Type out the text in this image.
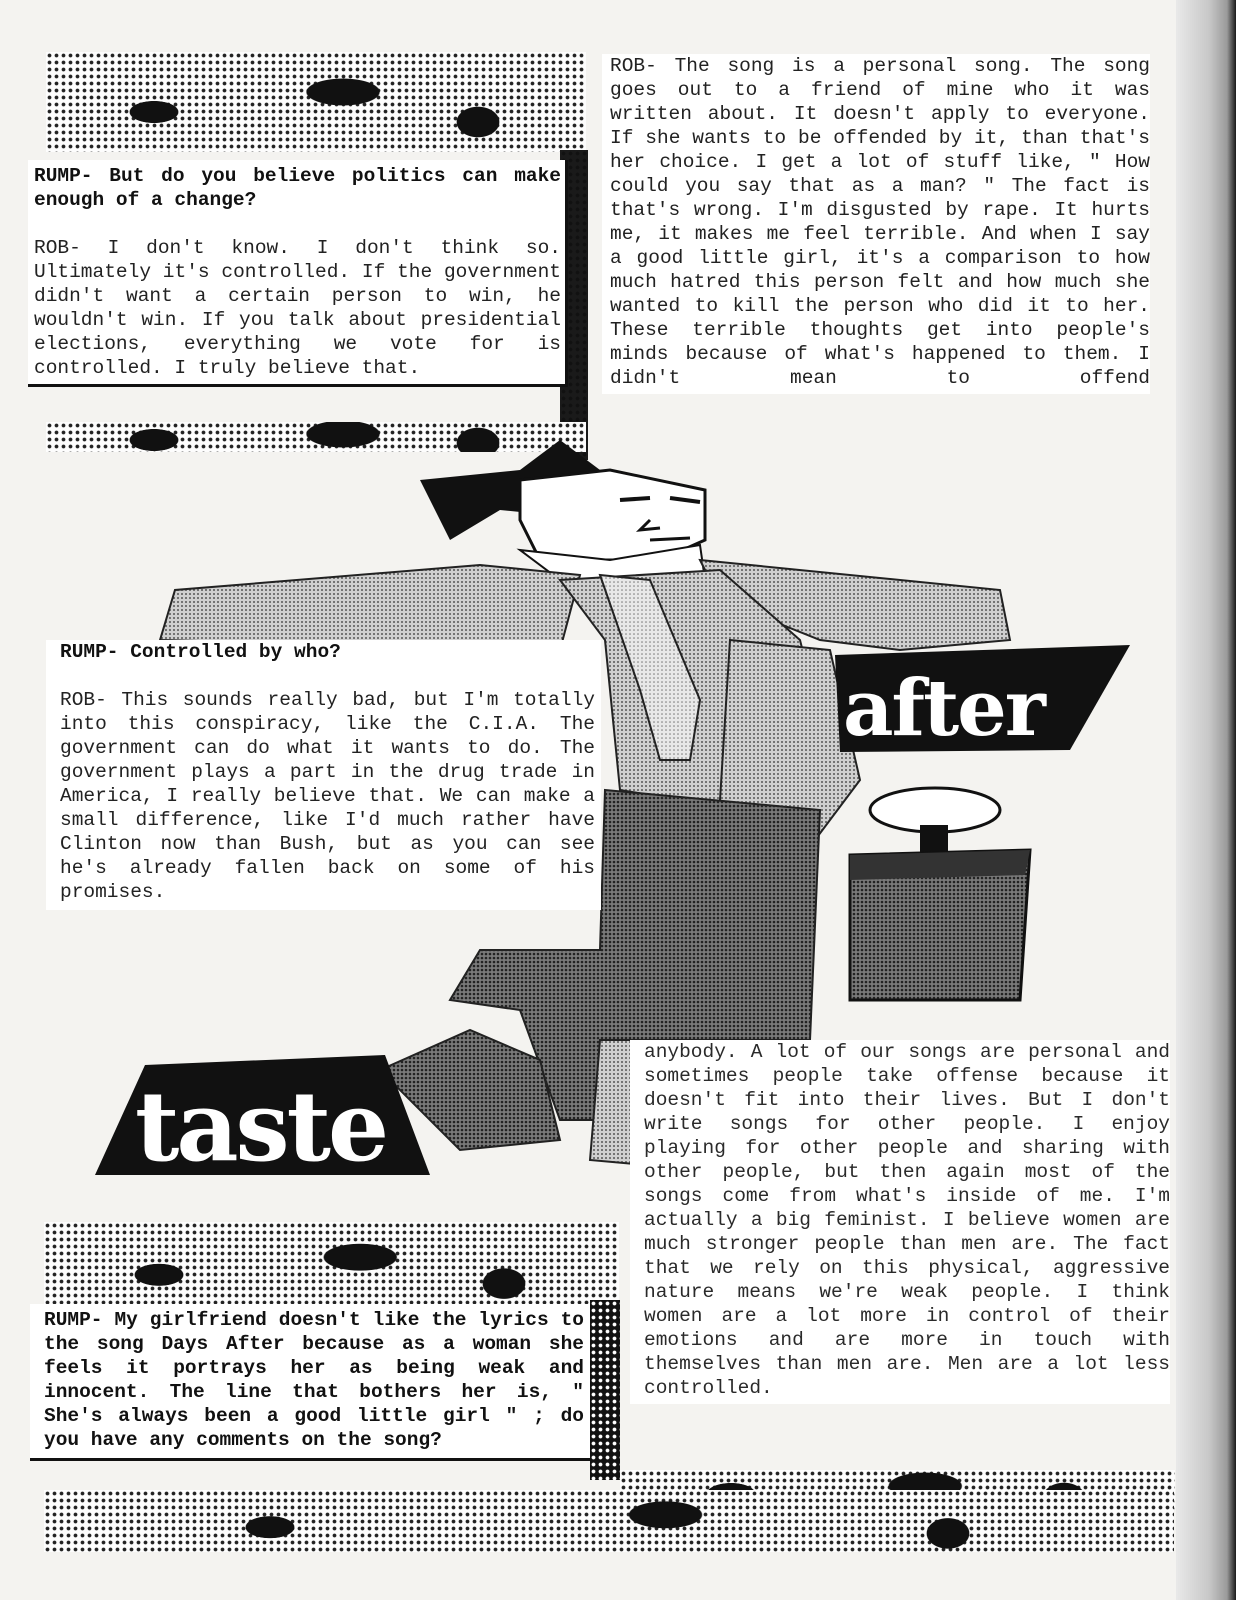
after
taste

RUMP- But do you believe politics can make enough of a change?

ROB- I don't know. I don't think so. Ultimately it's controlled. If the government didn't want a certain person to win, he wouldn't win. If you talk about presidential elections, everything we vote for is controlled. I truly believe that.

ROB- The song is a personal song. The song goes out to a friend of mine who it was written about. It doesn't apply to everyone. If she wants to be offended by it, than that's her choice. I get a lot of stuff like, " How could you say that as a man? " The fact is that's wrong. I'm disgusted by rape. It hurts me, it makes me feel terrible. And when I say a good little girl, it's a comparison to how much hatred this person felt and how much she wanted to kill the person who did it to her. These terrible thoughts get into people's minds because of what's happened to them. I didn't mean to offend

RUMP- Controlled by who?

ROB- This sounds really bad, but I'm totally into this conspiracy, like the C.I.A. The government can do what it wants to do. The government plays a part in the drug trade in America, I really believe that. We can make a small difference, like I'd much rather have Clinton now than Bush, but as you can see he's already fallen back on some of his promises.

anybody. A lot of our songs are personal and sometimes people take offense because it doesn't fit into their lives. But I don't write songs for other people. I enjoy playing for other people and sharing with other people, but then again most of the songs come from what's inside of me. I'm actually a big feminist. I believe women are much stronger people than men are. The fact that we rely on this physical, aggressive nature means we're weak people. I think women are a lot more in control of their emotions and are more in touch with themselves than men are. Men are a lot less controlled.

RUMP- My girlfriend doesn't like the lyrics to the song Days After because as a woman she feels it portrays her as being weak and innocent. The line that bothers her is, " She's always been a good little girl " ; do you have any comments on the song?
